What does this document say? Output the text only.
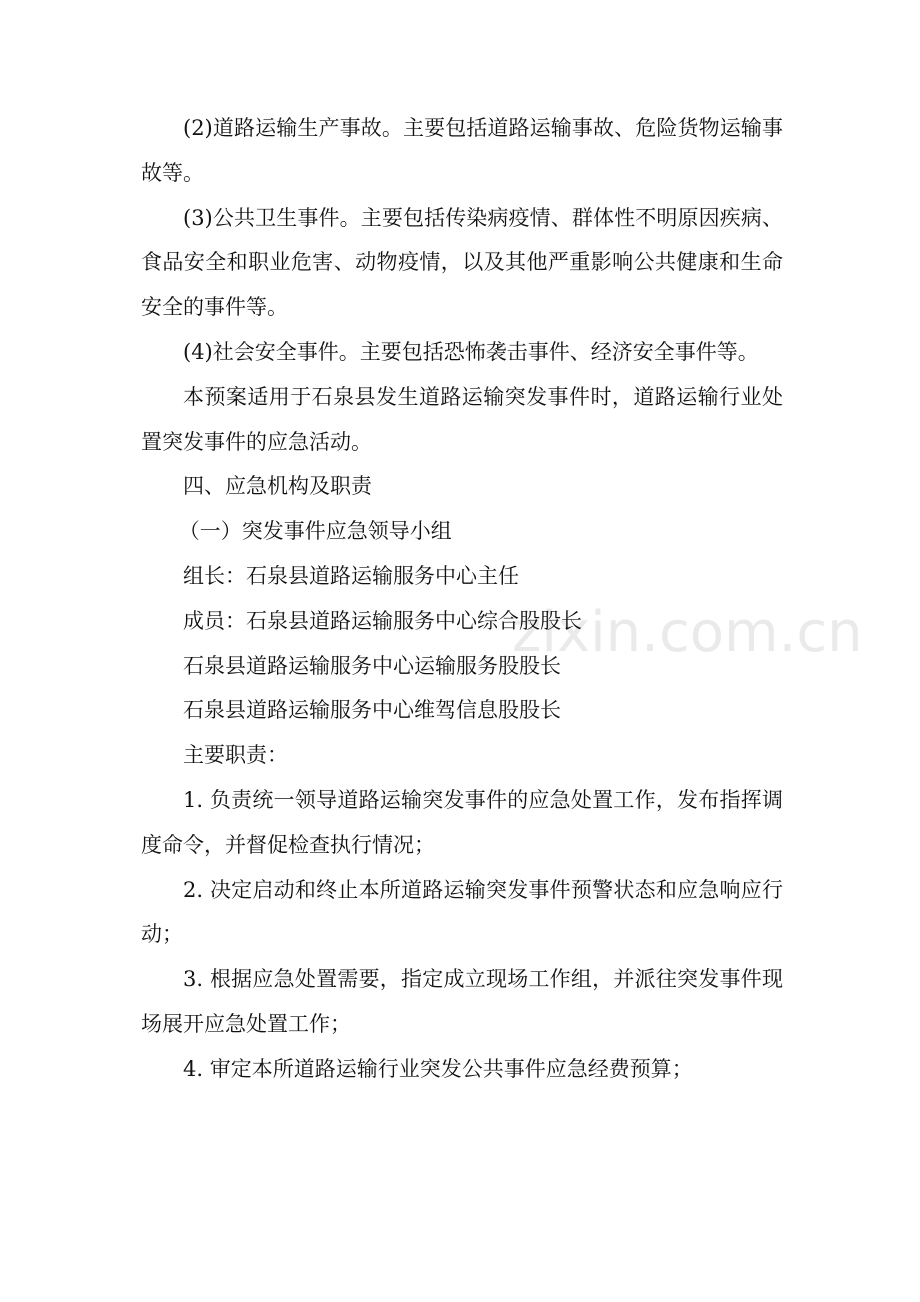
(2)道路运输生产事故。主要包括道路运输事故、危险货物运输事故等。

(3)公共卫生事件。主要包括传染病疫情、群体性不明原因疾病、食品安全和职业危害、动物疫情，以及其他严重影响公共健康和生命安全的事件等。

(4)社会安全事件。主要包括恐怖袭击事件、经济安全事件等。

本预案适用于石泉县发生道路运输突发事件时，道路运输行业处置突发事件的应急活动。

四、应急机构及职责

（一）突发事件应急领导小组

组长：石泉县道路运输服务中心主任

成员：石泉县道路运输服务中心综合股股长

石泉县道路运输服务中心运输服务股股长

石泉县道路运输服务中心维驾信息股股长

主要职责：

1. 负责统一领导道路运输突发事件的应急处置工作，发布指挥调度命令，并督促检查执行情况；

2. 决定启动和终止本所道路运输突发事件预警状态和应急响应行动；

3. 根据应急处置需要，指定成立现场工作组，并派往突发事件现场展开应急处置工作；

4. 审定本所道路运输行业突发公共事件应急经费预算；

zixin.com.cn
